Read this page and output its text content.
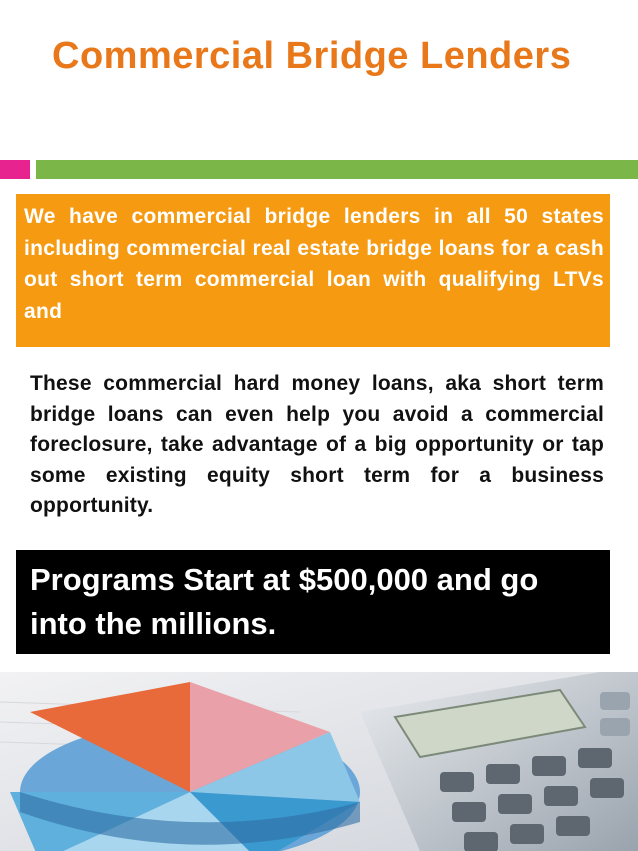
Commercial Bridge Lenders

We have commercial bridge lenders in all 50 states including commercial real estate bridge loans for a cash out short term commercial loan with qualifying LTVs and

These commercial hard money loans, aka short term bridge loans can even help you avoid a commercial foreclosure, take advantage of a big opportunity or tap some existing equity short term for a business opportunity.

Programs Start at $500,000 and go into the millions.
